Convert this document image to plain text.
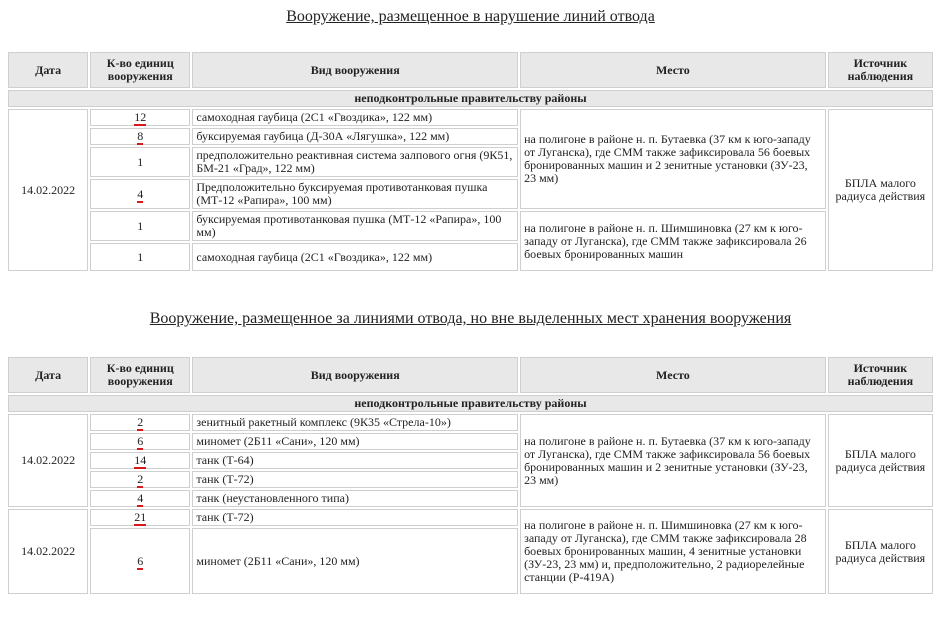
Вооружение, размещенное в нарушение линий отвода
Дата	К-во единиц вооружения	Вид вооружения	Место	Источник наблюдения
неподконтрольные правительству районы				
14.02.2022	12	самоходная гаубица (2С1 «Гвоздика», 122 мм)	на полигоне в районе н. п. Бутаевка (37 км к юго-западу от Луганска), где СММ также зафиксировала 56 боевых бронированных машин и 2 зенитные установки (ЗУ-23, 23 мм)	БПЛА малого радиуса действия
	8	буксируемая гаубица (Д-30А «Лягушка», 122 мм)		
	1	предположительно реактивная система залпового огня (9К51, БМ-21 «Град», 122 мм)		
	4	Предположительно буксируемая противотанковая пушка (МТ-12 «Рапира», 100 мм)		
	1	буксируемая противотанковая пушка (МТ-12 «Рапира», 100 мм)	на полигоне в районе н. п. Шимшиновка (27 км к юго-западу от Луганска), где СММ также зафиксировала 26 боевых бронированных машин	
	1	самоходная гаубица (2С1 «Гвоздика», 122 мм)		
Вооружение, размещенное за линиями отвода, но вне выделенных мест хранения вооружения
Дата	К-во единиц вооружения	Вид вооружения	Место	Источник наблюдения
неподконтрольные правительству районы				
14.02.2022	2	зенитный ракетный комплекс (9К35 «Стрела-10»)	на полигоне в районе н. п. Бутаевка (37 км к юго-западу от Луганска), где СММ также зафиксировала 56 боевых бронированных машин и 2 зенитные установки (ЗУ-23, 23 мм)	БПЛА малого радиуса действия
	6	миномет (2Б11 «Сани», 120 мм)		
	14	танк (Т-64)		
	2	танк (Т-72)		
	4	танк (неустановленного типа)		
14.02.2022	21	танк (Т-72)	на полигоне в районе н. п. Шимшиновка (27 км к юго-западу от Луганска), где СММ также зафиксировала 28 боевых бронированных машин, 4 зенитные установки (ЗУ-23, 23 мм) и, предположительно, 2 радиорелейные станции (Р-419А)	БПЛА малого радиуса действия
	6	миномет (2Б11 «Сани», 120 мм)		
